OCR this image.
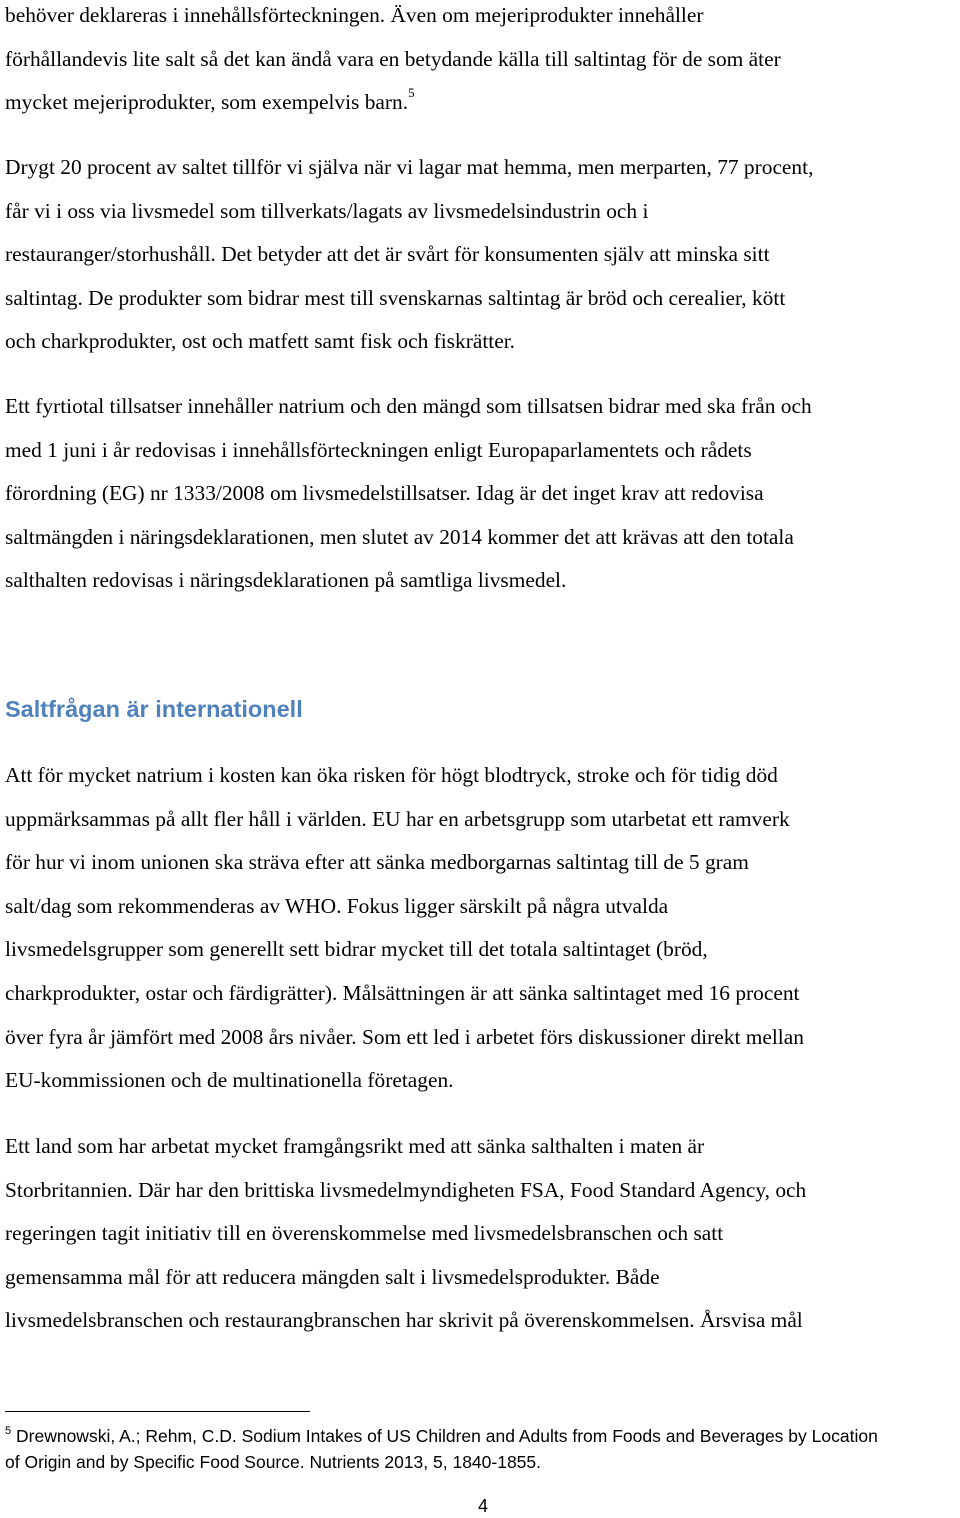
behöver deklareras i innehållsförteckningen. Även om mejeriprodukter innehåller
förhållandevis lite salt så det kan ändå vara en betydande källa till saltintag för de som äter
mycket mejeriprodukter, som exempelvis barn.$^5$

Drygt 20 procent av saltet tillför vi själva när vi lagar mat hemma, men merparten, 77 procent,
får vi i oss via livsmedel som tillverkats/lagats av livsmedelsindustrin och i
restauranger/storhushåll. Det betyder att det är svårt för konsumenten själv att minska sitt
saltintag. De produkter som bidrar mest till svenskarnas saltintag är bröd och cerealier, kött
och charkprodukter, ost och matfett samt fisk och fiskrätter.

Ett fyrtiotal tillsatser innehåller natrium och den mängd som tillsatsen bidrar med ska från och
med 1 juni i år redovisas i innehållsförteckningen enligt Europaparlamentets och rådets
förordning (EG) nr 1333/2008 om livsmedelstillsatser. Idag är det inget krav att redovisa
saltmängden i näringsdeklarationen, men slutet av 2014 kommer det att krävas att den totala
salthalten redovisas i näringsdeklarationen på samtliga livsmedel.

Saltfrågan är internationell

Att för mycket natrium i kosten kan öka risken för högt blodtryck, stroke och för tidig död
uppmärksammas på allt fler håll i världen. EU har en arbetsgrupp som utarbetat ett ramverk
för hur vi inom unionen ska sträva efter att sänka medborgarnas saltintag till de 5 gram
salt/dag som rekommenderas av WHO. Fokus ligger särskilt på några utvalda
livsmedelsgrupper som generellt sett bidrar mycket till det totala saltintaget (bröd,
charkprodukter, ostar och färdigrätter). Målsättningen är att sänka saltintaget med 16 procent
över fyra år jämfört med 2008 års nivåer. Som ett led i arbetet förs diskussioner direkt mellan
EU-kommissionen och de multinationella företagen.

Ett land som har arbetat mycket framgångsrikt med att sänka salthalten i maten är
Storbritannien. Där har den brittiska livsmedelmyndigheten FSA, Food Standard Agency, och
regeringen tagit initiativ till en överenskommelse med livsmedelsbranschen och satt
gemensamma mål för att reducera mängden salt i livsmedelsprodukter. Både
livsmedelsbranschen och restaurangbranschen har skrivit på överenskommelsen. Årsvisa mål

$^5$ Drewnowski, A.; Rehm, C.D. Sodium Intakes of US Children and Adults from Foods and Beverages by Location
of Origin and by Specific Food Source. Nutrients 2013, 5, 1840-1855.

4
